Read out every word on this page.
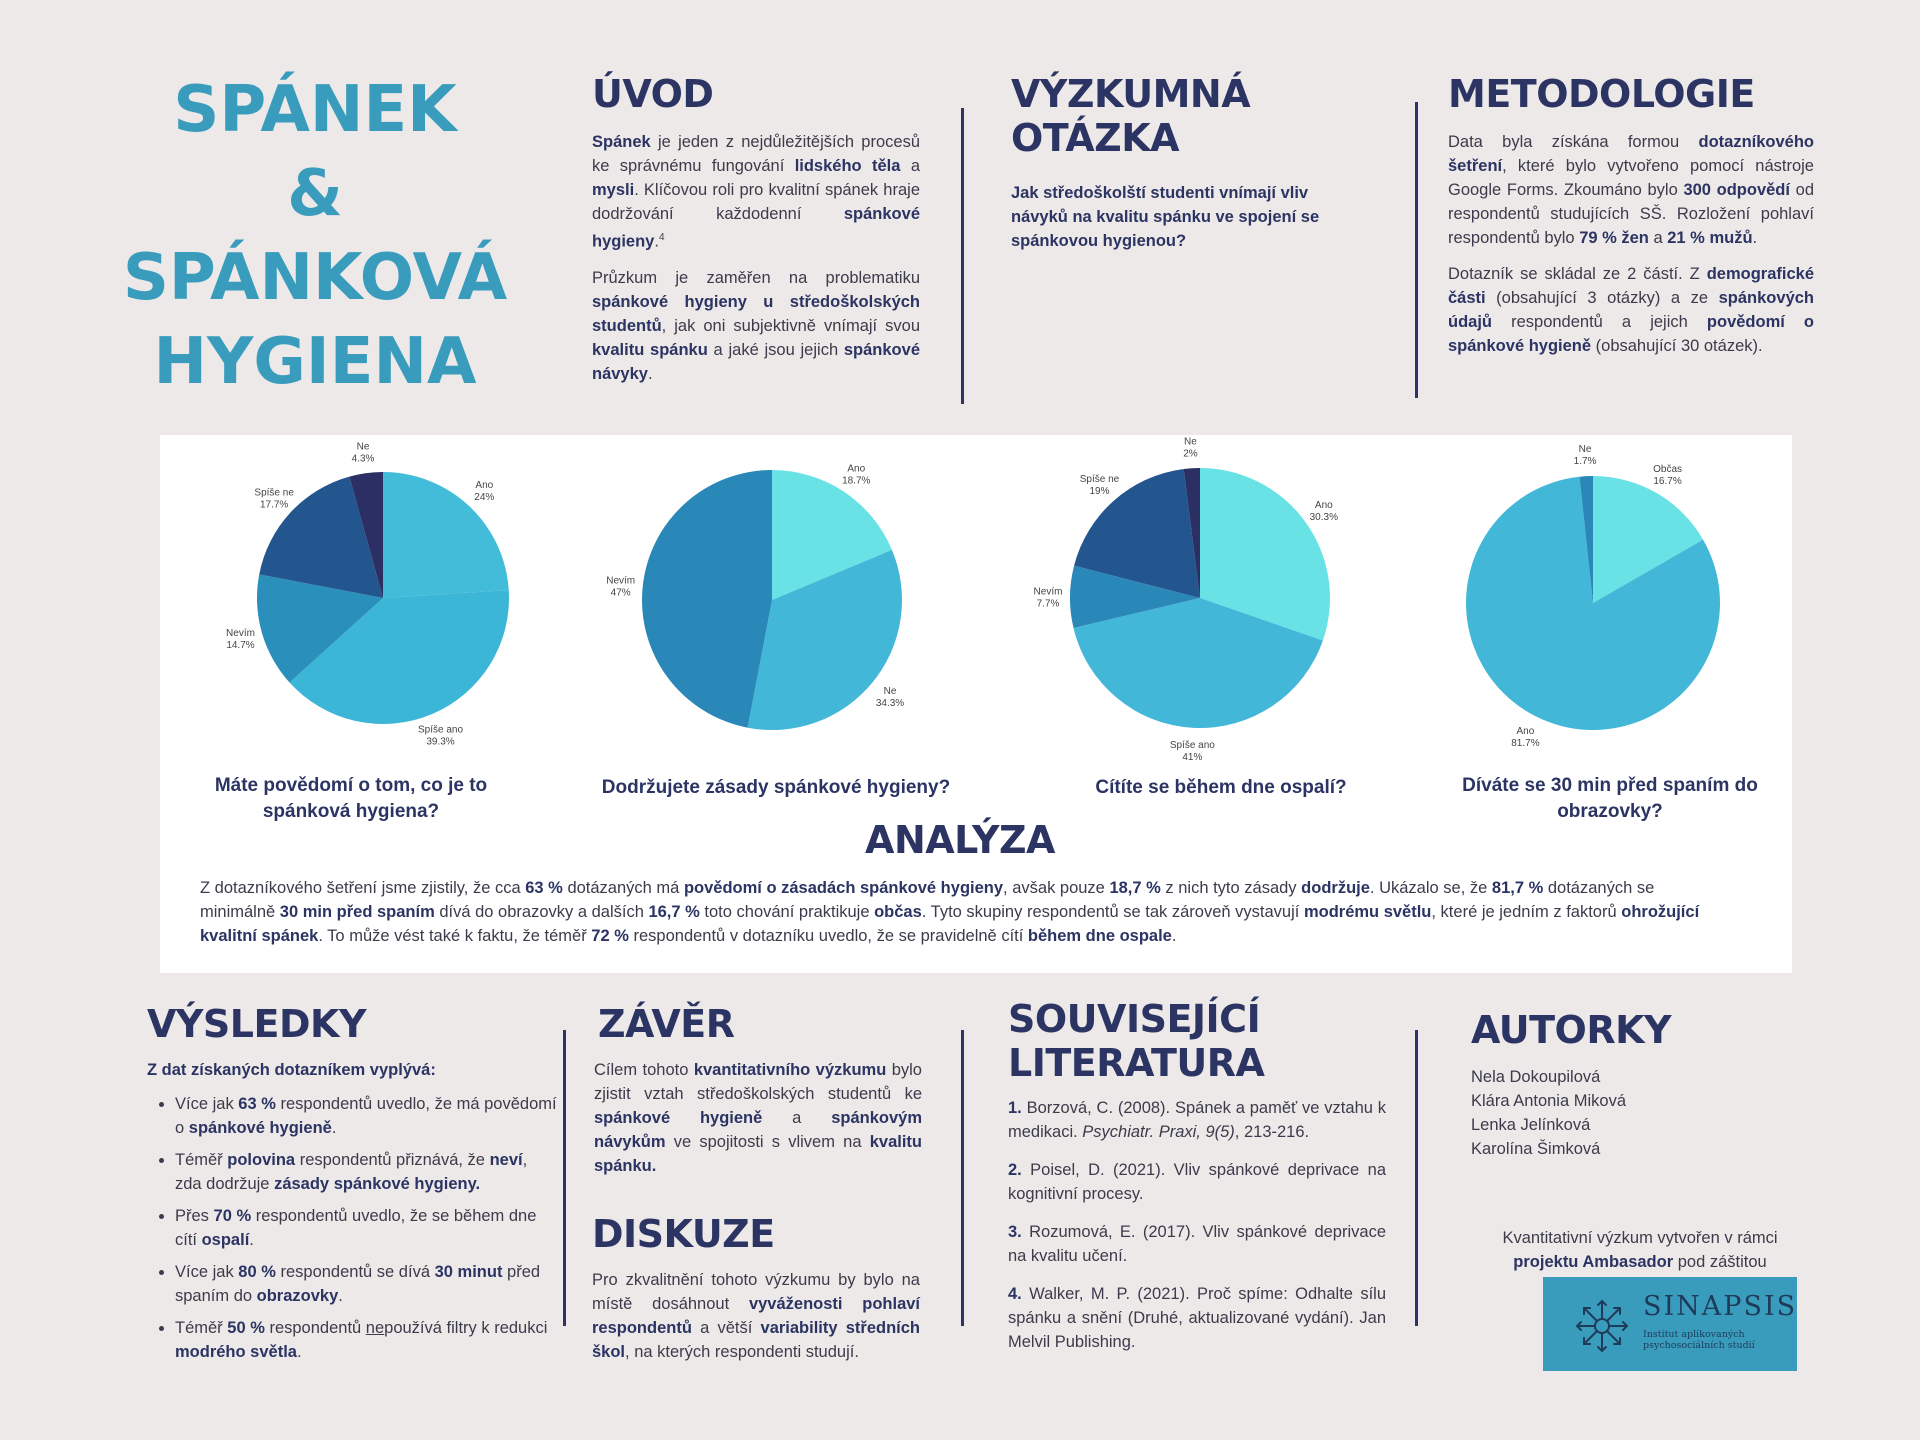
SPÁNEK
&
SPÁNKOVÁ
HYGIENA
ÚVOD
Spánek je jeden z nejdůležitějších procesů ke správnému fungování lidského těla a mysli. Klíčovou roli pro kvalitní spánek hraje dodržování každodenní spánkové hygieny.$^4$
Průzkum je zaměřen na problematiku spánkové hygieny u středoškolských studentů, jak oni subjektivně vnímají svou kvalitu spánku a jaké jsou jejich spánkové návyky.
VÝZKUMNÁ
OTÁZKA
Jak středoškolští studenti vnímají vliv návyků na kvalitu spánku ve spojení se spánkovou hygienou?
METODOLOGIE
Data byla získána formou dotazníkového šetření, které bylo vytvořeno pomocí nástroje Google Forms. Zkoumáno bylo 300 odpovědí od respondentů studujících SŠ. Rozložení pohlaví respondentů bylo 79 % žen a 21 % mužů.
Dotazník se skládal ze 2 částí. Z demografické části (obsahující 3 otázky) a ze spánkových údajů respondentů a jejich povědomí o spánkové hygieně (obsahující 30 otázek).
Ano
24%
Spíše ano
39.3%
Nevím
14.7%
Spíše ne
17.7%
Ne
4.3%
Ano
18.7%
Ne
34.3%
Nevím
47%
Ano
30.3%
Spíše ano
41%
Nevím
7.7%
Spíše ne
19%
Ne
2%
Občas
16.7%
Ano
81.7%
Ne
1.7%
Máte povědomí o tom, co je to spánková hygiena?
Dodržujete zásady spánkové hygieny?	Cítíte se během dne ospalí?	Díváte se 30 min před spaním do obrazovky?
ANALÝZA
Z dotazníkového šetření jsme zjistily, že cca 63 % dotázaných má povědomí o zásadách spánkové hygieny, avšak pouze 18,7 % z nich tyto zásady dodržuje. Ukázalo se, že 81,7 % dotázaných se minimálně 30 min před spaním dívá do obrazovky a dalších 16,7 % toto chování praktikuje občas. Tyto skupiny respondentů se tak zároveň vystavují modrému světlu, které je jedním z faktorů ohrožující kvalitní spánek. To může vést také k faktu, že téměř 72 % respondentů v dotazníku uvedlo, že se pravidelně cítí během dne ospale.
VÝSLEDKY
Z dat získaných dotazníkem vyplývá:
• Více jak 63 % respondentů uvedlo, že má povědomí o spánkové hygieně.
• Téměř polovina respondentů přiznává, že neví, zda dodržuje zásady spánkové hygieny.
• Přes 70 % respondentů uvedlo, že se během dne cítí ospalí.
• Více jak 80 % respondentů se dívá 30 minut před spaním do obrazovky.
• Téměř 50 % respondentů nepoužívá filtry k redukci modrého světla.
ZÁVĚR
Cílem tohoto kvantitativního výzkumu bylo zjistit vztah středoškolských studentů ke spánkové hygieně a spánkovým návykům ve spojitosti s vlivem na kvalitu spánku.
DISKUZE
Pro zkvalitnění tohoto výzkumu by bylo na místě dosáhnout vyváženosti pohlaví respondentů a větší variability středních škol, na kterých respondenti studují.
SOUVISEJÍCÍ
LITERATURA
1. Borzová, C. (2008). Spánek a paměť ve vztahu k medikaci. Psychiatr. Praxi, 9(5), 213-216.
2. Poisel, D. (2021). Vliv spánkové deprivace na kognitivní procesy.
3. Rozumová, E. (2017). Vliv spánkové deprivace na kvalitu učení.
4. Walker, M. P. (2021). Proč spíme: Odhalte sílu spánku a snění (Druhé, aktualizované vydání). Jan Melvil Publishing.
AUTORKY
Nela Dokoupilová
Klára Antonia Miková
Lenka Jelínková
Karolína Šimková
Kvantitativní výzkum vytvořen v rámci
projektu Ambasador pod záštitou
SINAPSIS
Institut aplikovaných psychosociálních studií
